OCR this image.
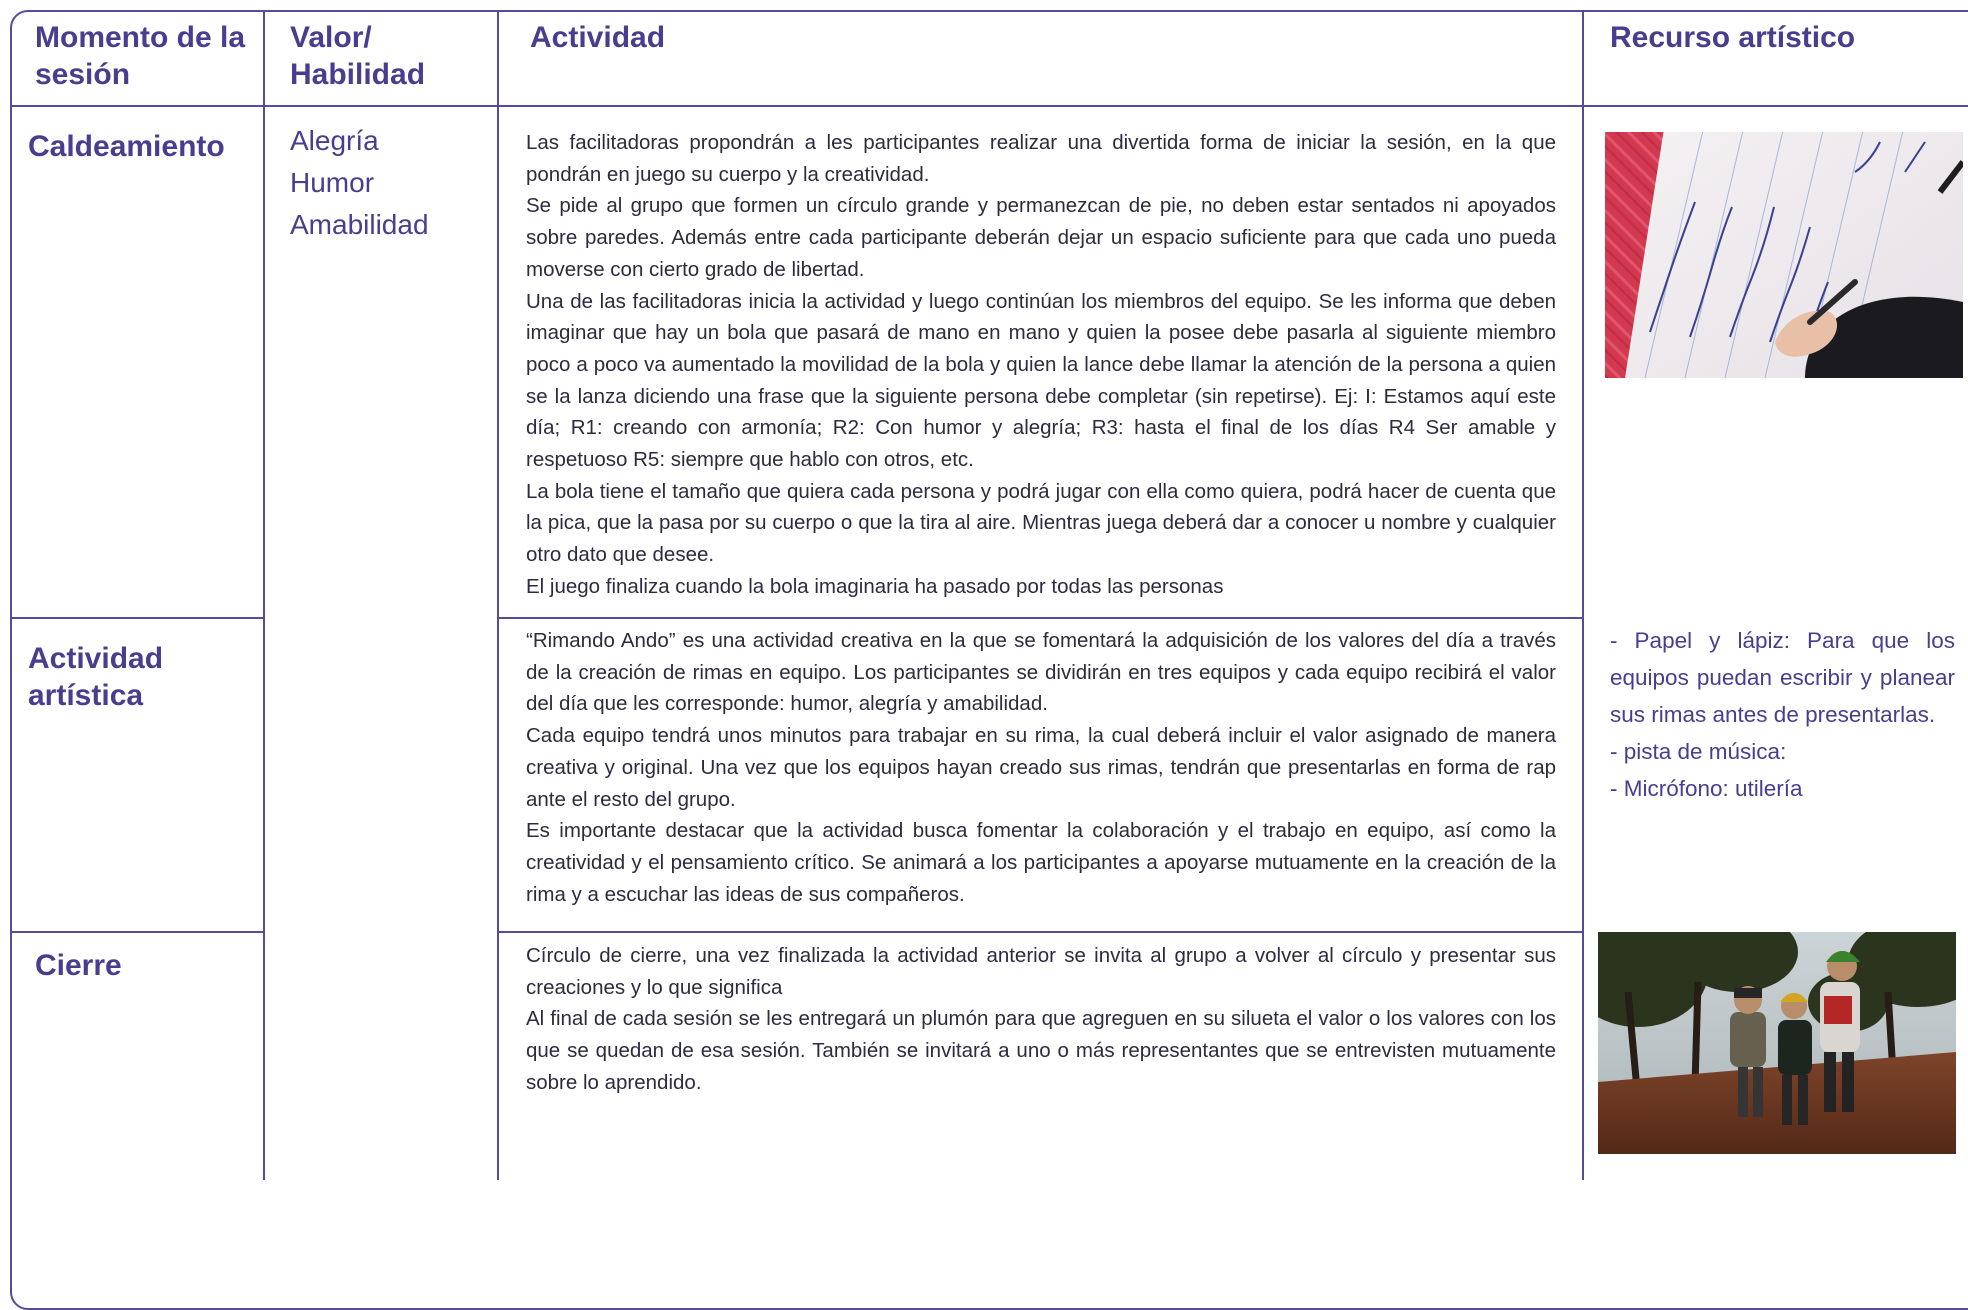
Momento de la sesión
Valor/ Habilidad
Actividad	Recurso artístico
Caldeamiento
Actividad artística
Cierre
Alegría
Humor
Amabilidad

Las facilitadoras propondrán a les participantes realizar una divertida forma de iniciar la sesión, en la que pondrán en juego su cuerpo y la creatividad.

Se pide al grupo que formen un círculo grande y permanezcan de pie, no deben estar sentados ni apoyados sobre paredes. Además entre cada participante deberán dejar un espacio suficiente para que cada uno pueda moverse con cierto grado de libertad.

Una de las facilitadoras inicia la actividad y luego continúan los miembros del equipo. Se les informa que deben imaginar que hay un bola que pasará de mano en mano y quien la posee debe pasarla al siguiente miembro poco a poco va aumentado la movilidad de la bola y quien la lance debe llamar la atención de la persona a quien se la lanza diciendo una frase que la siguiente persona debe completar (sin repetirse). Ej: I: Estamos aquí este día; R1: creando con armonía; R2: Con humor y alegría; R3: hasta el final de los días R4 Ser amable y respetuoso R5: siempre que hablo con otros, etc.

La bola tiene el tamaño que quiera cada persona y podrá jugar con ella como quiera, podrá hacer de cuenta que la pica, que la pasa por su cuerpo o que la tira al aire. Mientras juega deberá dar a conocer u nombre y cualquier otro dato que desee.

El juego finaliza cuando la bola imaginaria ha pasado por todas las personas

“Rimando Ando” es una actividad creativa en la que se fomentará la adquisición de los valores del día a través de la creación de rimas en equipo. Los participantes se dividirán en tres equipos y cada equipo recibirá el valor del día que les corresponde: humor, alegría y amabilidad.

Cada equipo tendrá unos minutos para trabajar en su rima, la cual deberá incluir el valor asignado de manera creativa y original. Una vez que los equipos hayan creado sus rimas, tendrán que presentarlas en forma de rap ante el resto del grupo.

Es importante destacar que la actividad busca fomentar la colaboración y el trabajo en equipo, así como la creatividad y el pensamiento crítico. Se animará a los participantes a apoyarse mutuamente en la creación de la rima y a escuchar las ideas de sus compañeros.

Círculo de cierre, una vez finalizada la actividad anterior se invita al grupo a volver al círculo y presentar sus creaciones y lo que significa

Al final de cada sesión se les entregará un plumón para que agreguen en su silueta el valor o los valores con los que se quedan de esa sesión. También se invitará a uno o más representantes que se entrevisten mutuamente sobre lo aprendido.

- Papel y lápiz: Para que los equipos puedan escribir y planear sus rimas antes de presentarlas.

- pista de música:

- Micrófono: utilería
